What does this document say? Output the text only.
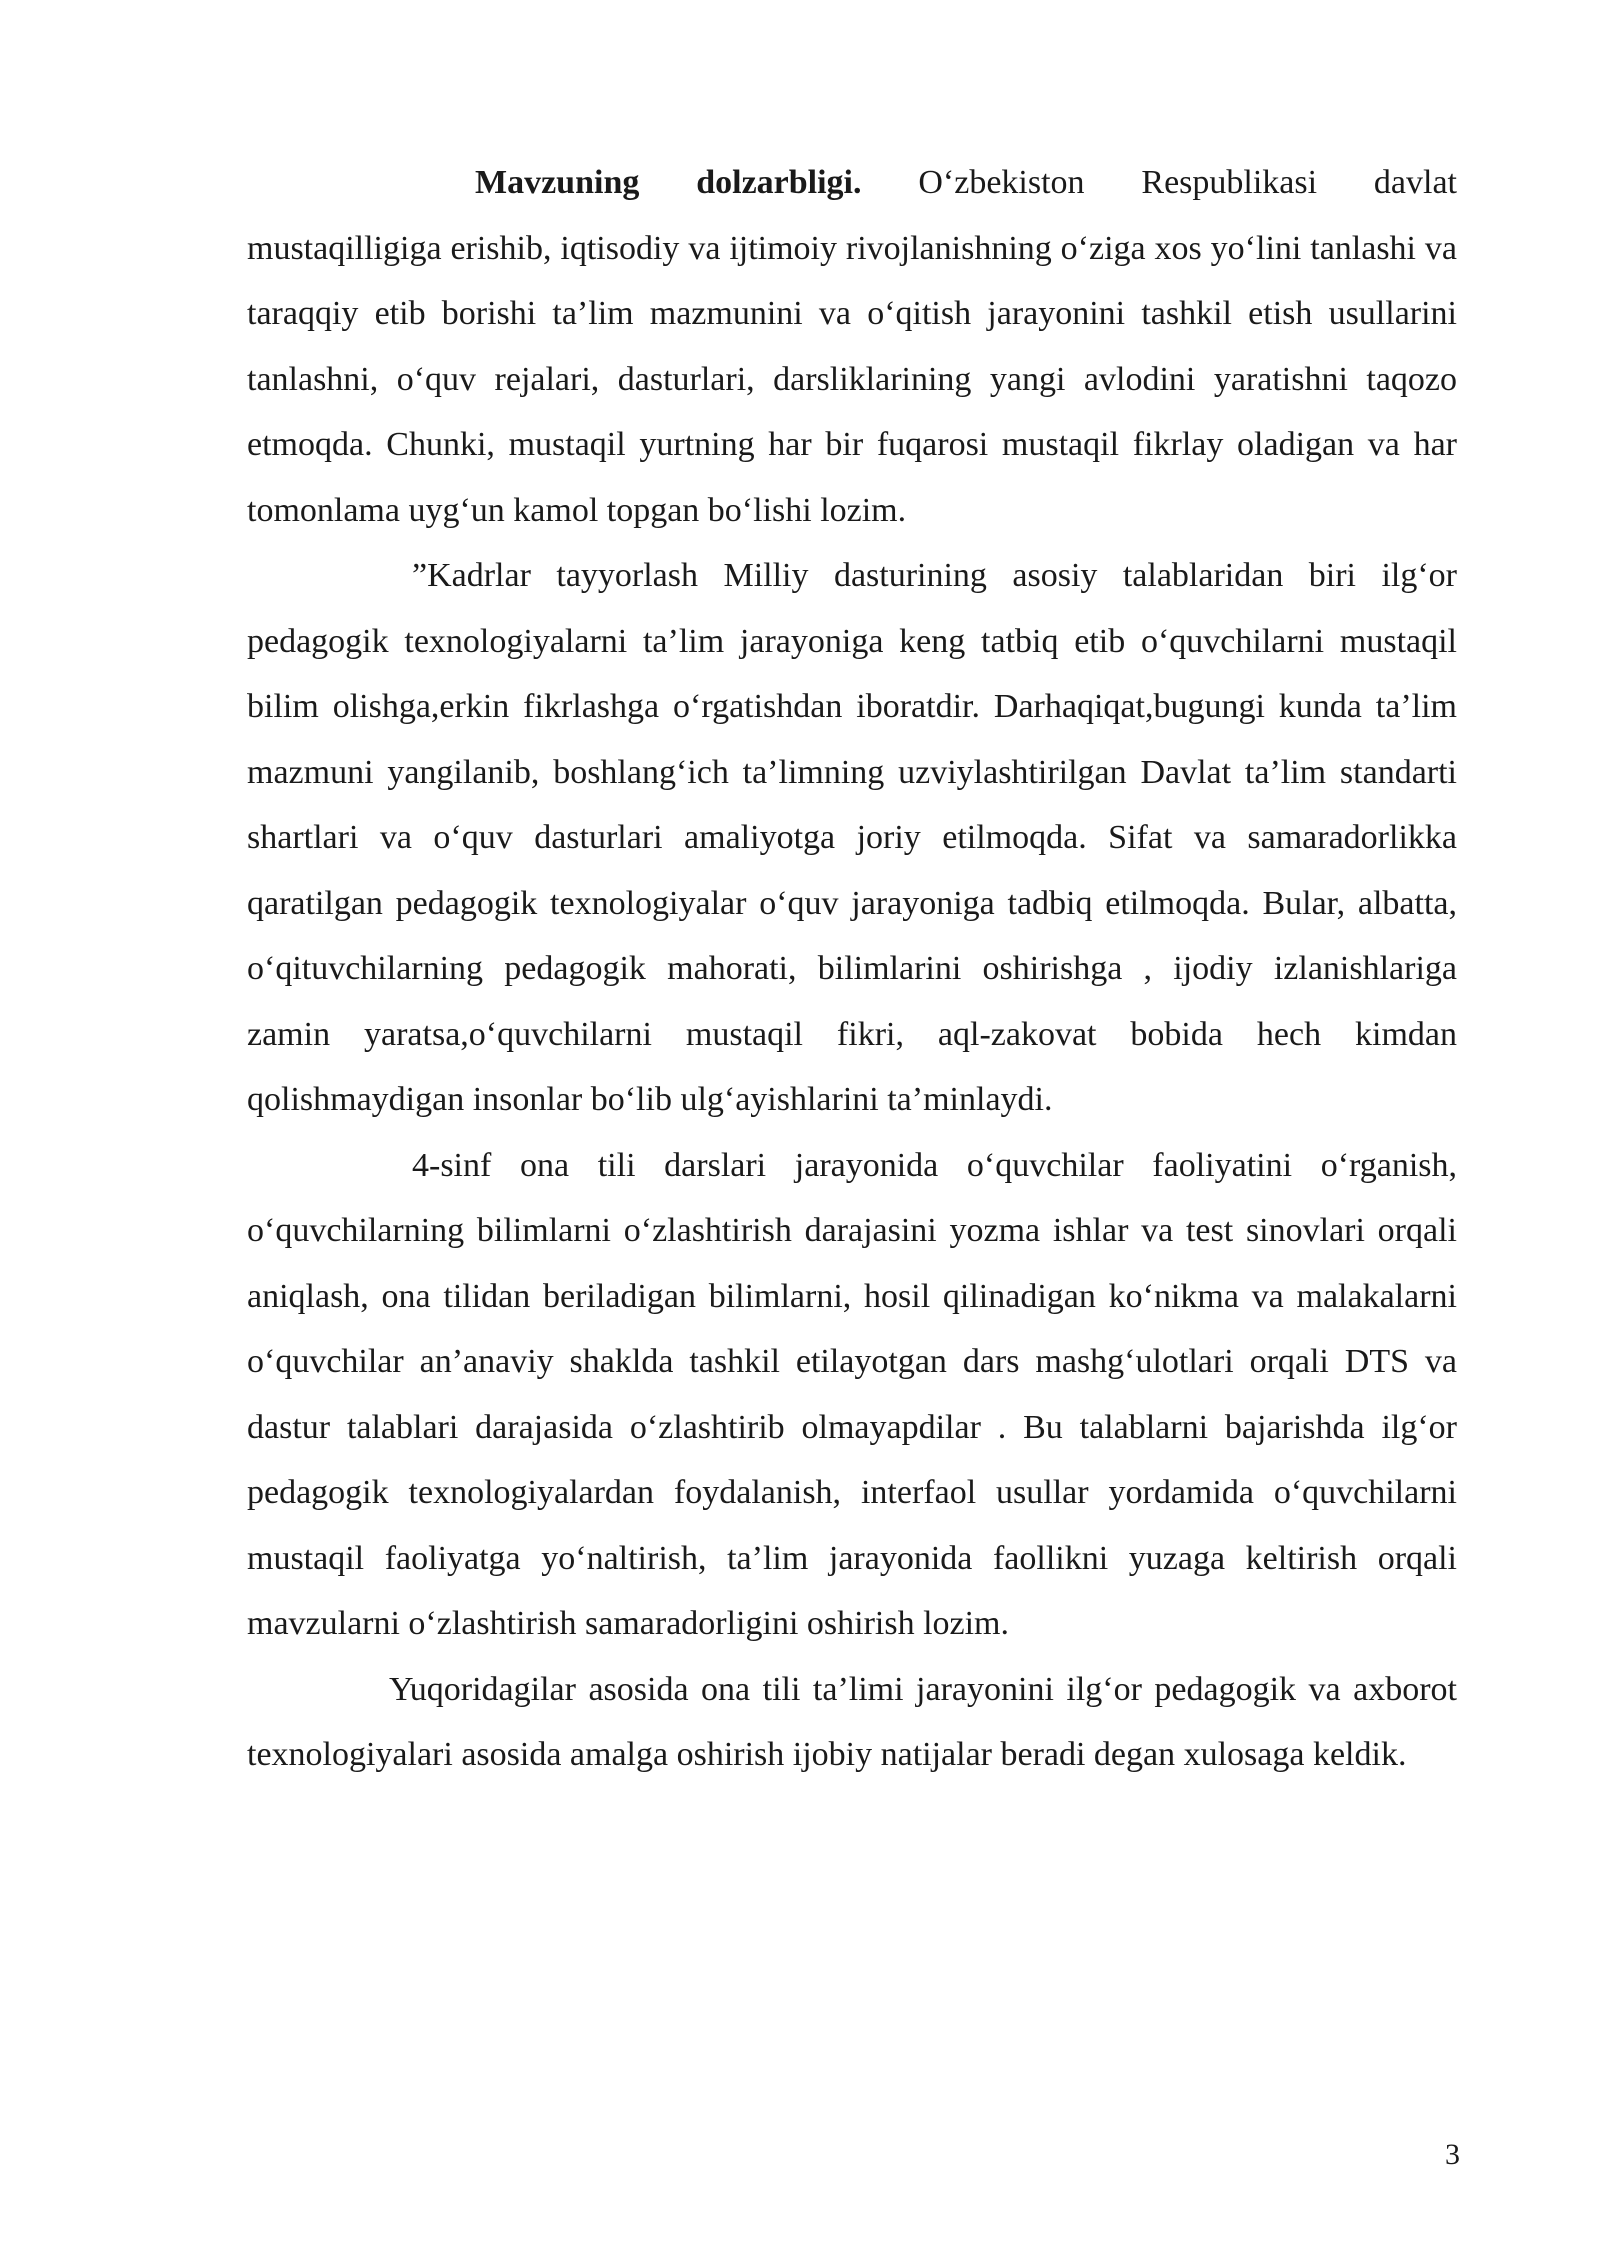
Mavzuning dolzarbligi. O‘zbekiston Respublikasi davlat mustaqilligiga erishib, iqtisodiy va ijtimoiy rivojlanishning o‘ziga xos yo‘lini tanlashi va taraqqiy etib borishi ta’lim mazmunini va o‘qitish jarayonini tashkil etish usullarini tanlashni, o‘quv rejalari, dasturlari, darsliklarining yangi avlodini yaratishni taqozo etmoqda. Chunki, mustaqil yurtning har bir fuqarosi mustaqil fikrlay oladigan va har tomonlama uyg‘un kamol topgan bo‘lishi lozim.

”Kadrlar tayyorlash Milliy dasturining asosiy talablaridan biri ilg‘or pedagogik texnologiyalarni ta’lim jarayoniga keng tatbiq etib o‘quvchilarni mustaqil bilim olishga,erkin fikrlashga o‘rgatishdan iboratdir. Darhaqiqat,bugungi kunda ta’lim mazmuni yangilanib, boshlang‘ich ta’limning uzviylashtirilgan Davlat ta’lim standarti shartlari va o‘quv dasturlari amaliyotga joriy etilmoqda. Sifat va samaradorlikka qaratilgan pedagogik texnologiyalar o‘quv jarayoniga tadbiq etilmoqda. Bular, albatta, o‘qituvchilarning pedagogik mahorati, bilimlarini oshirishga , ijodiy izlanishlariga zamin yaratsa,o‘quvchilarni mustaqil fikri, aql-zakovat bobida hech kimdan qolishmaydigan insonlar bo‘lib ulg‘ayishlarini ta’minlaydi.

4-sinf ona tili darslari jarayonida o‘quvchilar faoliyatini o‘rganish, o‘quvchilarning bilimlarni o‘zlashtirish darajasini yozma ishlar va test sinovlari orqali aniqlash, ona tilidan beriladigan bilimlarni, hosil qilinadigan ko‘nikma va malakalarni o‘quvchilar an’anaviy shaklda tashkil etilayotgan dars mashg‘ulotlari orqali DTS va dastur talablari darajasida o‘zlashtirib olmayapdilar . Bu talablarni bajarishda ilg‘or pedagogik texnologiyalardan foydalanish, interfaol usullar yordamida o‘quvchilarni mustaqil faoliyatga yo‘naltirish, ta’lim jarayonida faollikni yuzaga keltirish orqali mavzularni o‘zlashtirish samaradorligini oshirish lozim.

Yuqoridagilar asosida ona tili ta’limi jarayonini ilg‘or pedagogik va axborot texnologiyalari asosida amalga oshirish ijobiy natijalar beradi degan xulosaga keldik.

3
